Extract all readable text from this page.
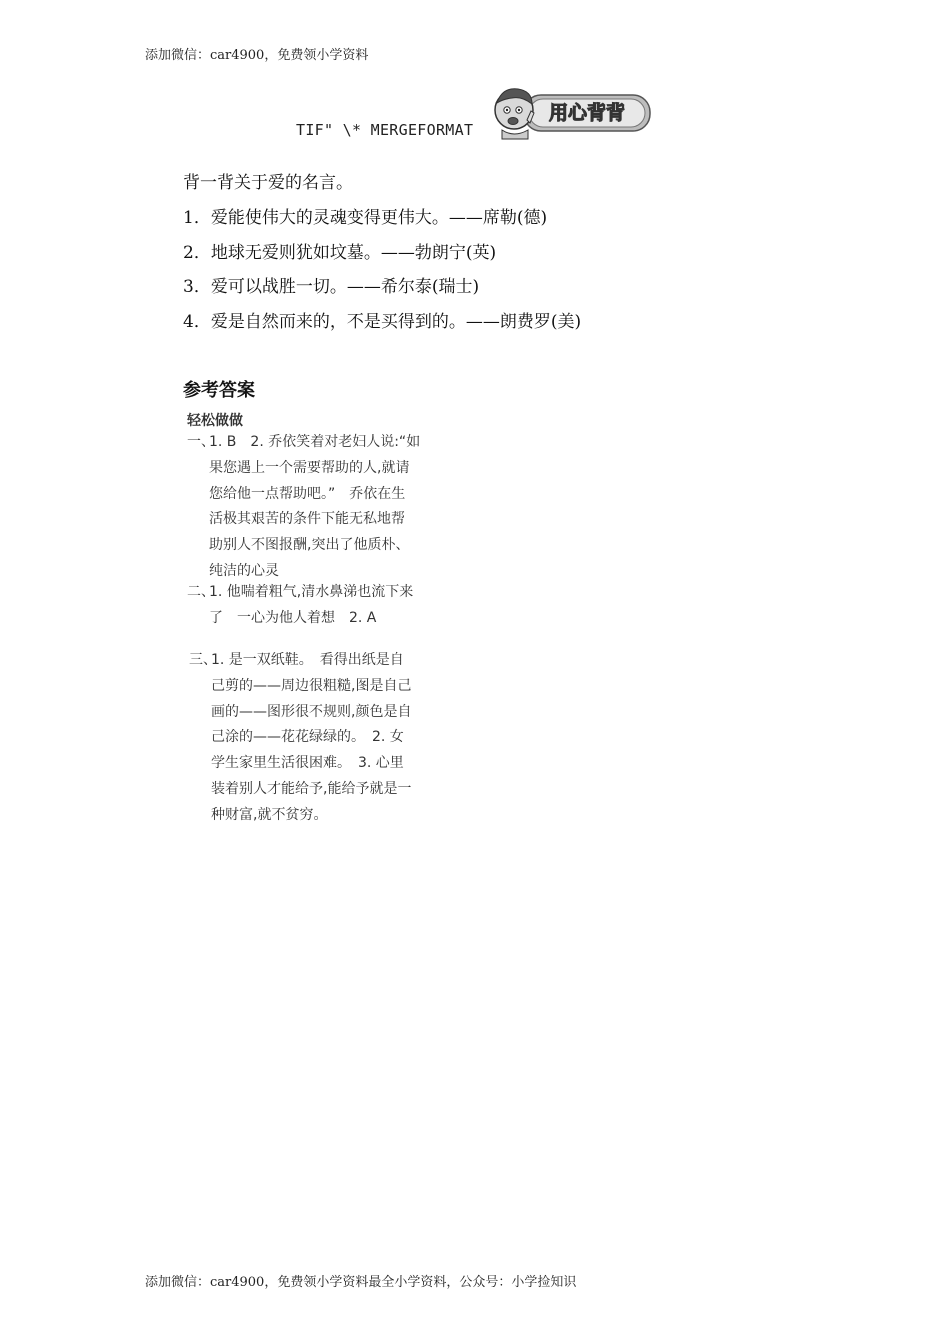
添加微信：car4900，免费领小学资料
TIF" \* MERGEFORMAT
用心背背
背一背关于爱的名言。
1．爱能使伟大的灵魂变得更伟大。——席勒(德)
2．地球无爱则犹如坟墓。——勃朗宁(英)
3．爱可以战胜一切。——希尔泰(瑞士)
4．爱是自然而来的，不是买得到的。——朗费罗(美)
参考答案
轻松做做
一、1. B　2. 乔依笑着对老妇人说:“如
果您遇上一个需要帮助的人,就请
您给他一点帮助吧。”　乔依在生
活极其艰苦的条件下能无私地帮
助别人不图报酬,突出了他质朴、
纯洁的心灵
二、1. 他喘着粗气,清水鼻涕也流下来
了　一心为他人着想　2. A
三、1. 是一双纸鞋。　看得出纸是自
己剪的——周边很粗糙,图是自己
画的——图形很不规则,颜色是自
己涂的——花花绿绿的。　2. 女
学生家里生活很困难。　3. 心里
装着别人才能给予,能给予就是一
种财富,就不贫穷。
添加微信：car4900，免费领小学资料最全小学资料，公众号：小学捡知识
